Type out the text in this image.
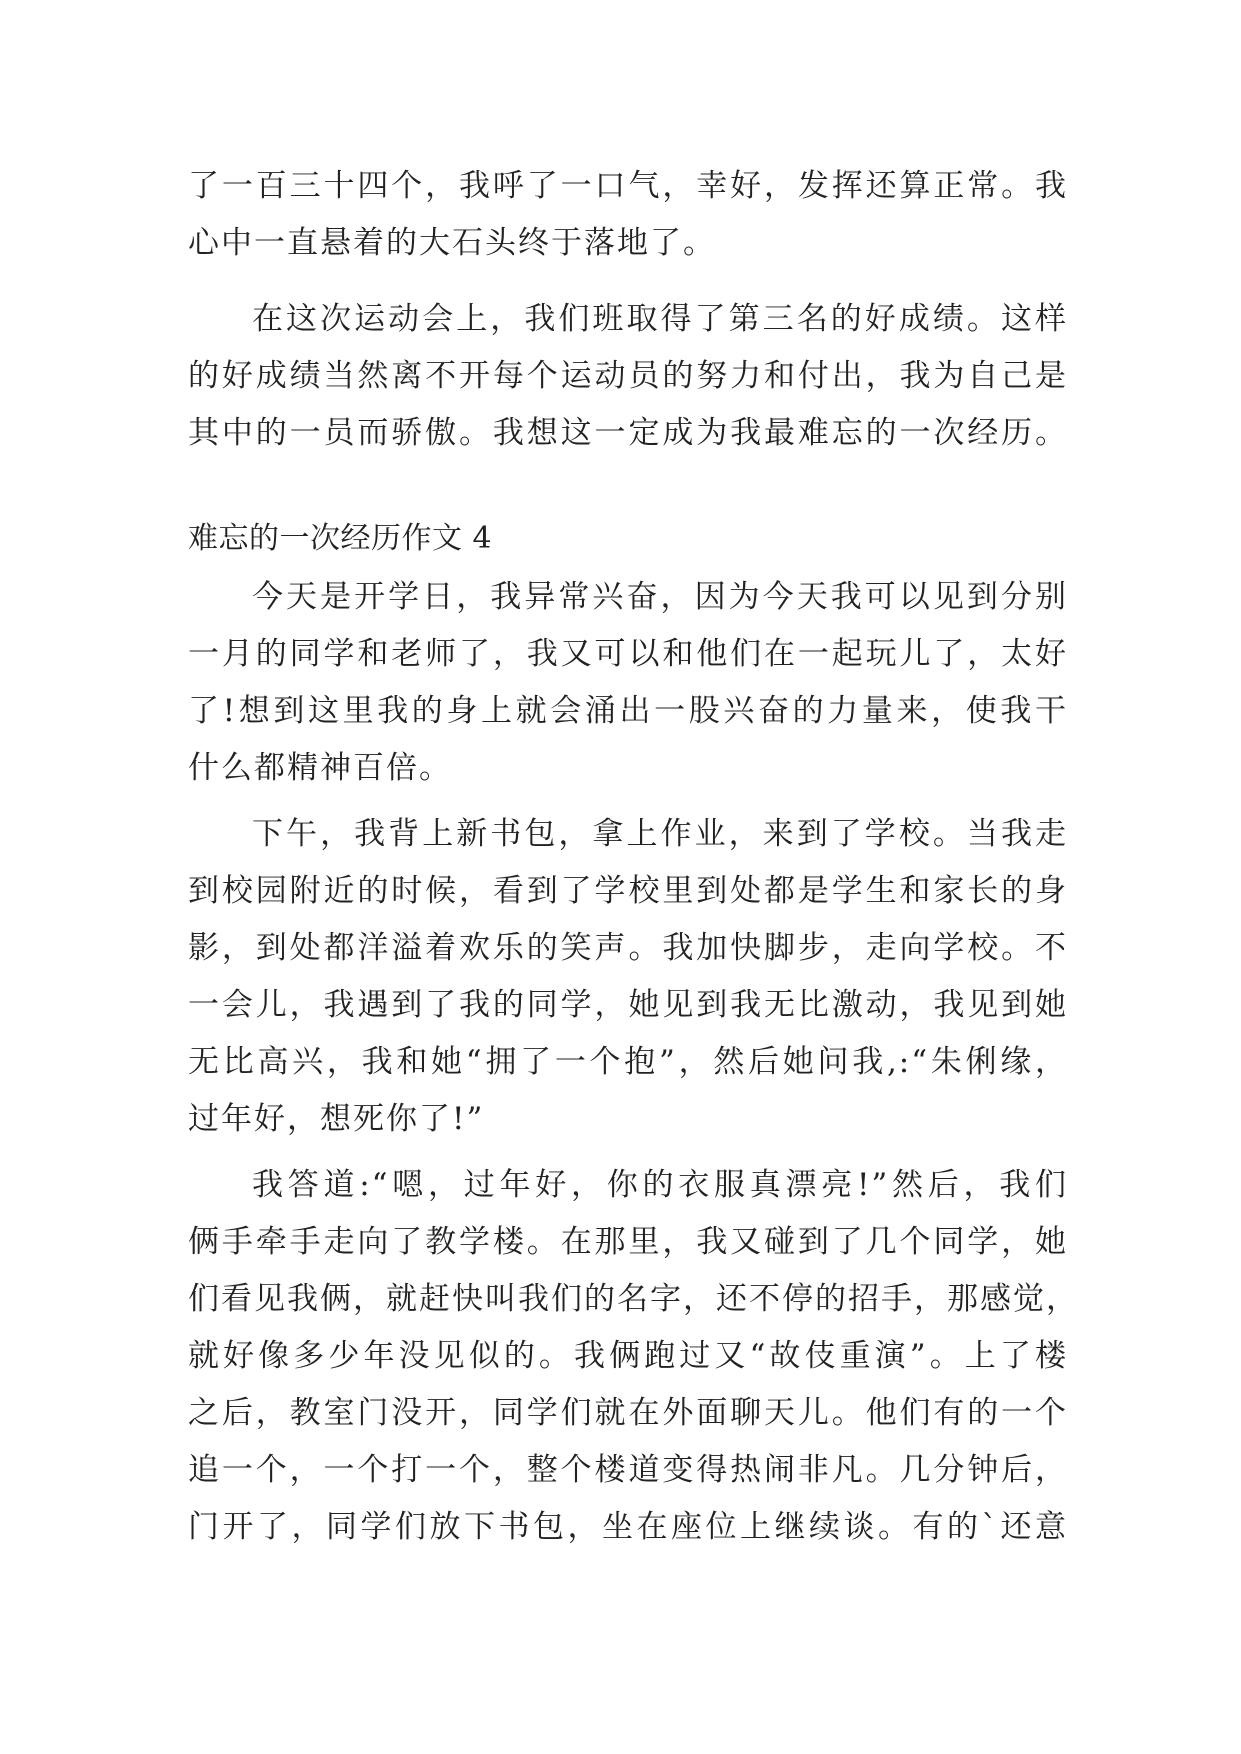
了一百三十四个，我呼了一口气，幸好，发挥还算正常。我
心中一直悬着的大石头终于落地了。
在这次运动会上，我们班取得了第三名的好成绩。这样
的好成绩当然离不开每个运动员的努力和付出，我为自己是
其中的一员而骄傲。我想这一定成为我最难忘的一次经历。
难忘的一次经历作文 4
今天是开学日，我异常兴奋，因为今天我可以见到分别
一月的同学和老师了，我又可以和他们在一起玩儿了，太好
了!想到这里我的身上就会涌出一股兴奋的力量来，使我干
什么都精神百倍。
下午，我背上新书包，拿上作业，来到了学校。当我走
到校园附近的时候，看到了学校里到处都是学生和家长的身
影，到处都洋溢着欢乐的笑声。我加快脚步，走向学校。不
一会儿，我遇到了我的同学，她见到我无比激动，我见到她
无比高兴，我和她“拥了一个抱”，然后她问我,:“朱俐缘，
过年好，想死你了!”
我答道:“嗯，过年好，你的衣服真漂亮!”然后，我们
俩手牵手走向了教学楼。在那里，我又碰到了几个同学，她
们看见我俩，就赶快叫我们的名字，还不停的招手，那感觉，
就好像多少年没见似的。我俩跑过又“故伎重演”。上了楼
之后，教室门没开，同学们就在外面聊天儿。他们有的一个
追一个，一个打一个，整个楼道变得热闹非凡。几分钟后，
门开了，同学们放下书包，坐在座位上继续谈。有的`还意
